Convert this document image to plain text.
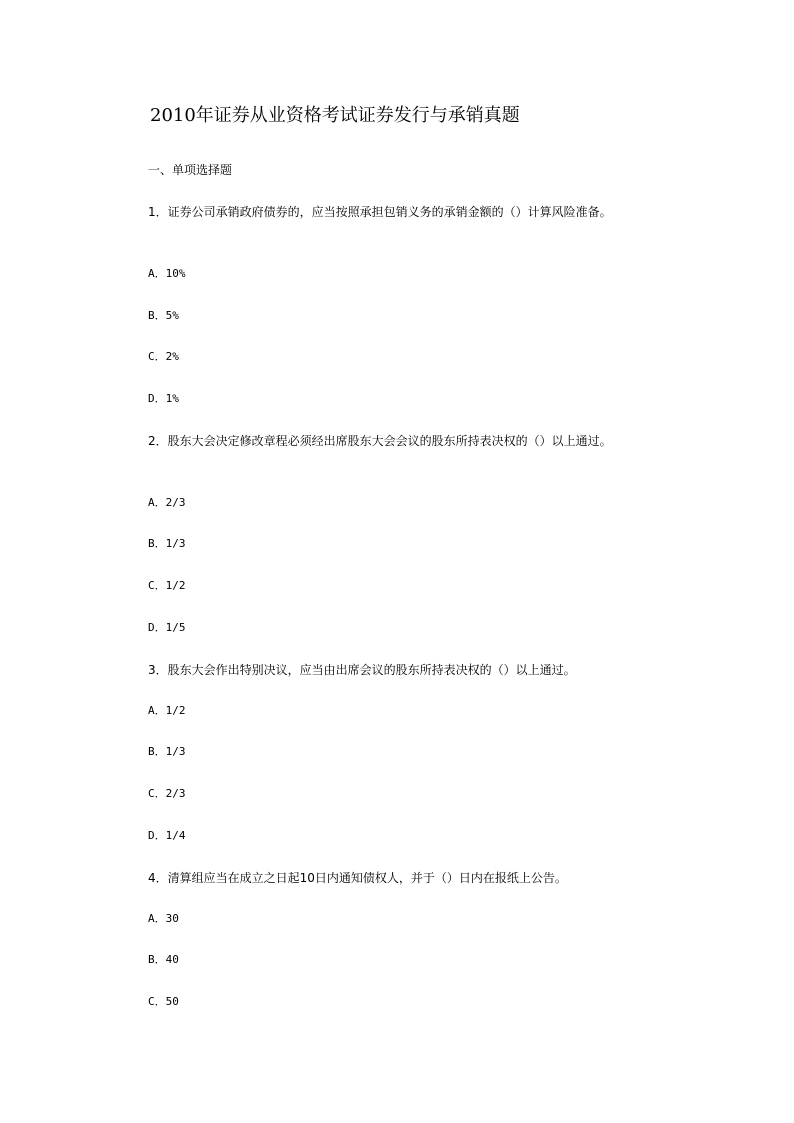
2010年证券从业资格考试证券发行与承销真题
一、单项选择题
1．证券公司承销政府债券的，应当按照承担包销义务的承销金额的（）计算风险准备。
A．10%
B．5%
C．2%
D．1%
2．股东大会决定修改章程必须经出席股东大会会议的股东所持表决权的（）以上通过。
A．2/3
B．1/3
C．1/2
D．1/5
3．股东大会作出特别决议，应当由出席会议的股东所持表决权的（）以上通过。
A．1/2
B．1/3
C．2/3
D．1/4
4．清算组应当在成立之日起10日内通知债权人，并于（）日内在报纸上公告。
A．30
B．40
C．50
